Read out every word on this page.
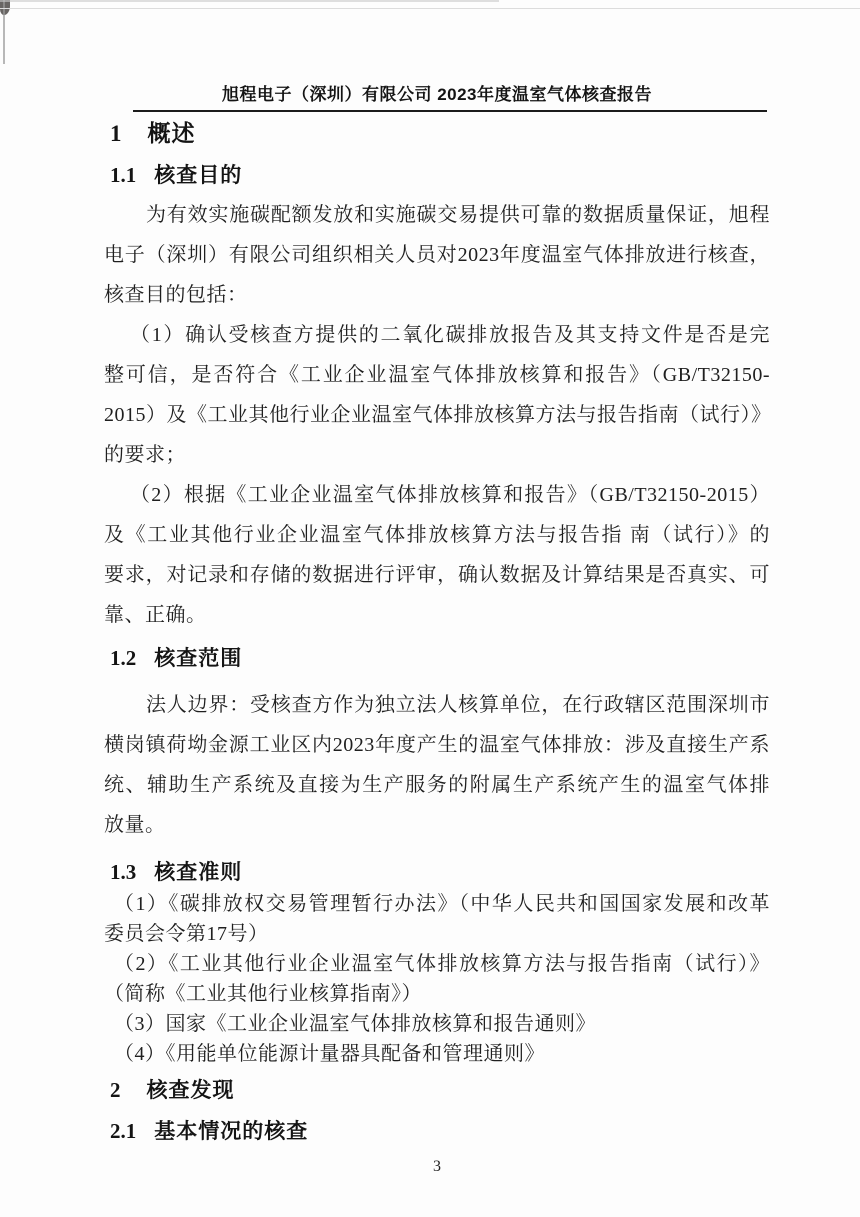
旭程电子（深圳）有限公司 2023年度温室气体核查报告
1 概述
1.1 核查目的
为有效实施碳配额发放和实施碳交易提供可靠的数据质量保证，旭程
电子（深圳）有限公司组织相关人员对2023年度温室气体排放进行核查，
核查目的包括：
（1）确认受核查方提供的二氧化碳排放报告及其支持文件是否是完
整可信，是否符合《工业企业温室气体排放核算和报告》（GB/T32150-
2015）及《工业其他行业企业温室气体排放核算方法与报告指南（试行）》
的要求；
（2）根据《工业企业温室气体排放核算和报告》（GB/T32150-2015）
及《工业其他行业企业温室气体排放核算方法与报告指 南（试行）》的
要求，对记录和存储的数据进行评审，确认数据及计算结果是否真实、可
靠、正确。
1.2 核查范围
法人边界：受核查方作为独立法人核算单位，在行政辖区范围深圳市
横岗镇荷坳金源工业区内2023年度产生的温室气体排放：涉及直接生产系
统、辅助生产系统及直接为生产服务的附属生产系统产生的温室气体排
放量。
1.3 核查准则
（1）《碳排放权交易管理暂行办法》（中华人民共和国国家发展和改革
委员会令第17号）
（2）《工业其他行业企业温室气体排放核算方法与报告指南（试行）》
（简称《工业其他行业核算指南》）
（3）国家《工业企业温室气体排放核算和报告通则》
（4）《用能单位能源计量器具配备和管理通则》
2 核查发现
2.1 基本情况的核查
3
